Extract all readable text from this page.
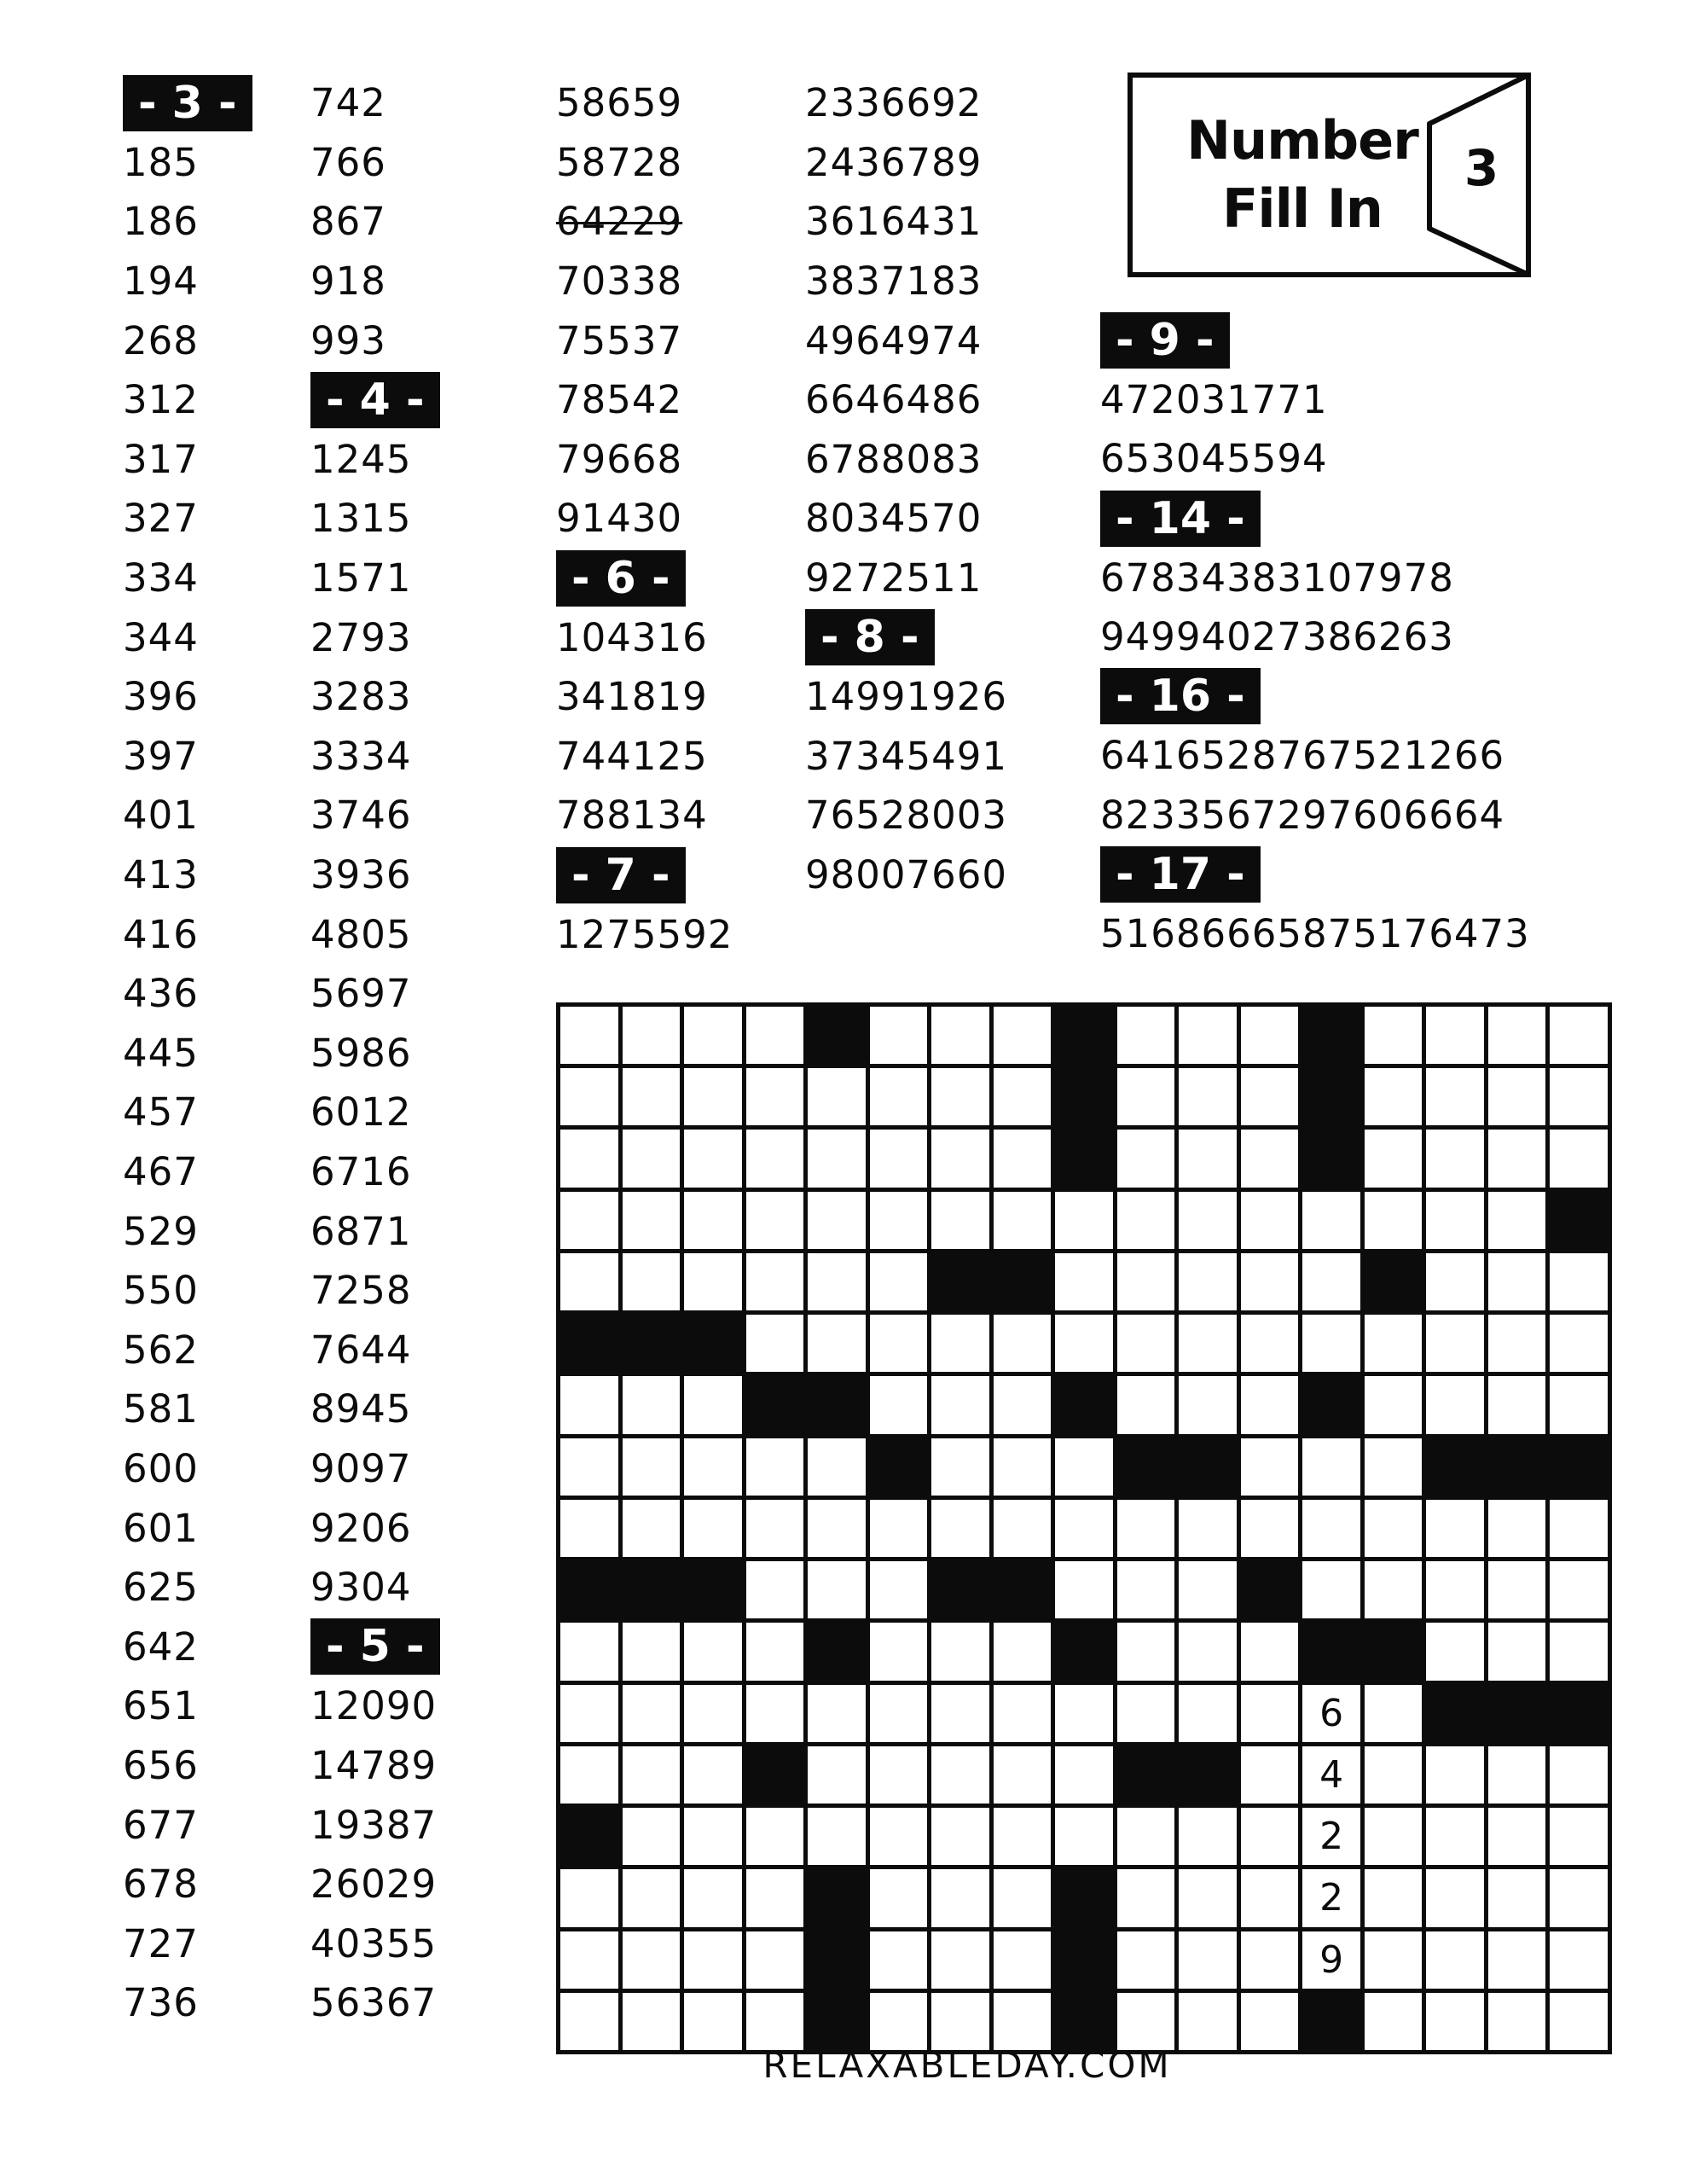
Number
Fill In
3
- 3 -
185
186
194
268
312
317
327
334
344
396
397
401
413
416
436
445
457
467
529
550
562
581
600
601
625
642
651
656
677
678
727
736
742
766
867
918
993
- 4 -
1245
1315
1571
2793
3283
3334
3746
3936
4805
5697
5986
6012
6716
6871
7258
7644
8945
9097
9206
9304
- 5 -
12090
14789
19387
26029
40355
56367
58659
58728
64229
70338
75537
78542
79668
91430
- 6 -
104316
341819
744125
788134
- 7 -
1275592
2336692
2436789
3616431
3837183
4964974
6646486
6788083
8034570
9272511
- 8 -
14991926
37345491
76528003
98007660
- 9 -
472031771
653045594
- 14 -
67834383107978
94994027386263
- 16 -
6416528767521266
8233567297606664
- 17 -
51686665875176473
6
4
2
2
9
RELAXABLEDAY.COM
